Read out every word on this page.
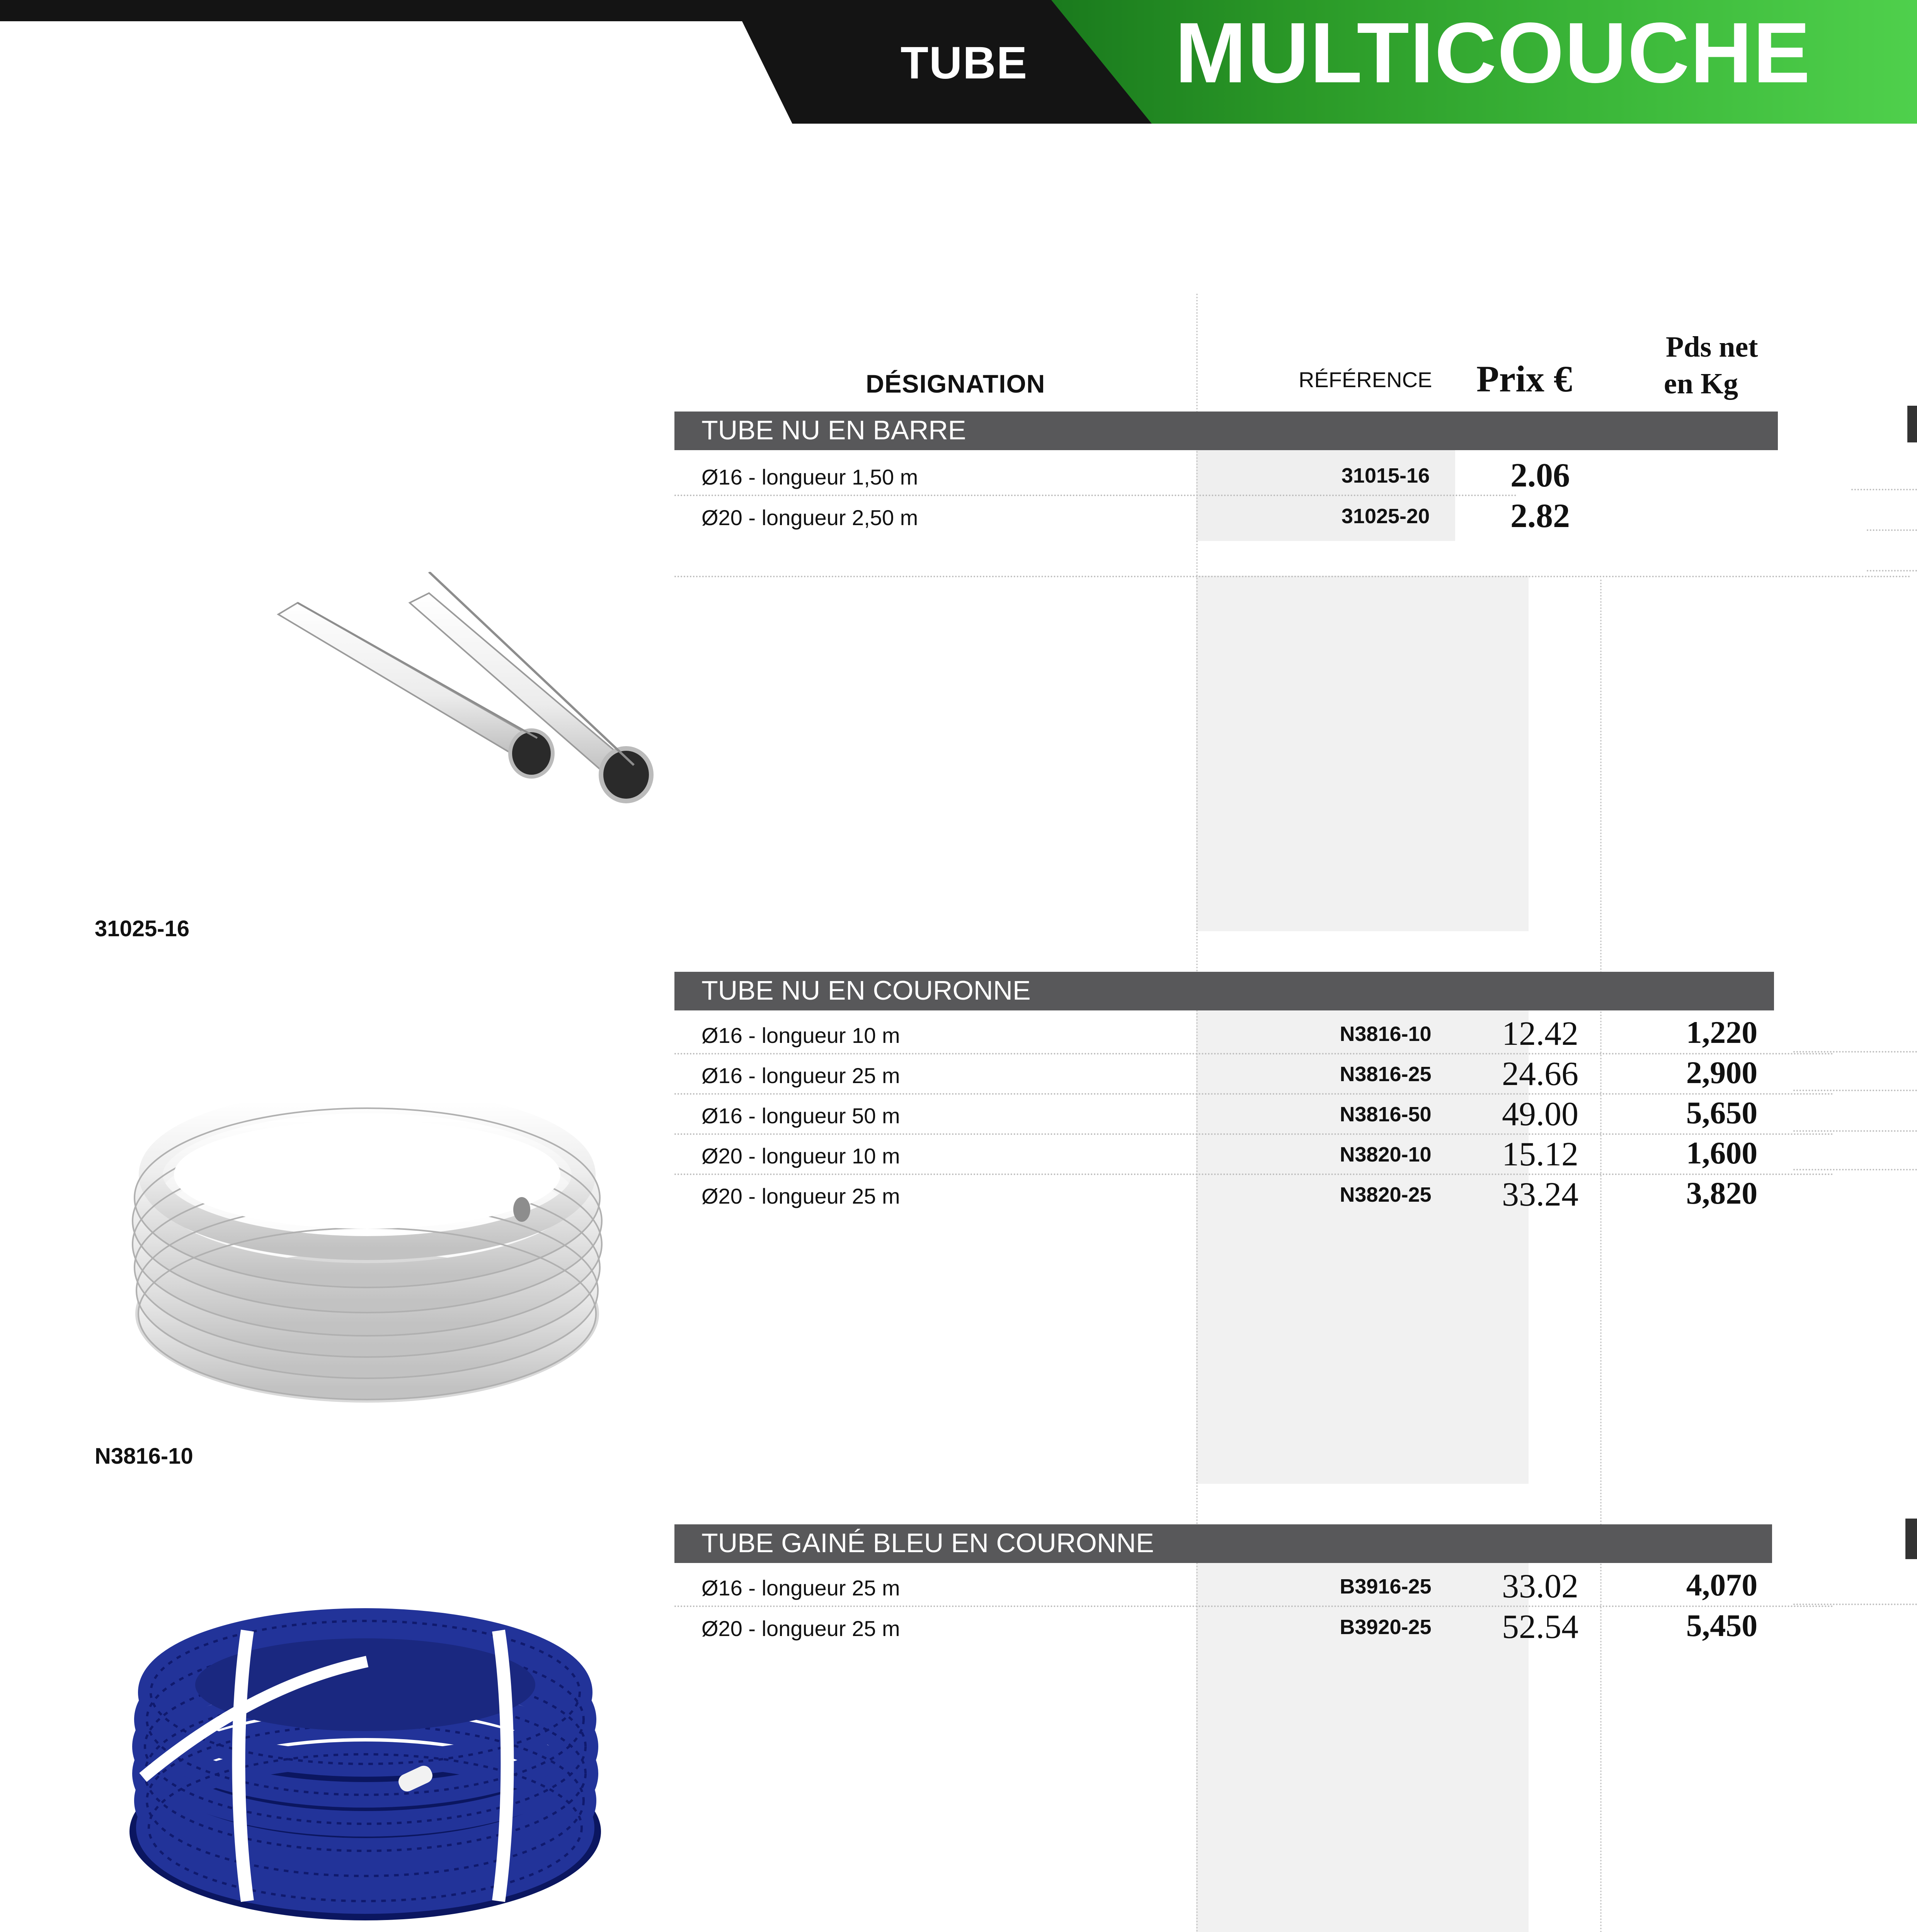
TUBE	MULTICOUCHE
DÉSIGNATION	RÉFÉRENCE Prix €
Pds net
en Kg
TUBE NU EN BARRE
Ø16 - longueur 1,50 m	31015-16	2.06
Ø20 - longueur 2,50 m	31025-20	2.82
31025-16
TUBE NU EN COURONNE
Ø16 - longueur 10 m	N3816-10	12.42	1,220
Ø16 - longueur 25 m	N3816-25	24.66	2,900
Ø16 - longueur 50 m	N3816-50	49.00	5,650
Ø20 - longueur 10 m	N3820-10	15.12	1,600
Ø20 - longueur 25 m	N3820-25	33.24	3,820
N3816-10
TUBE GAINÉ BLEU EN COURONNE
Ø16 - longueur 25 m	B3916-25	33.02	4,070
Ø20 - longueur 25 m	B3920-25	52.54	5,450
